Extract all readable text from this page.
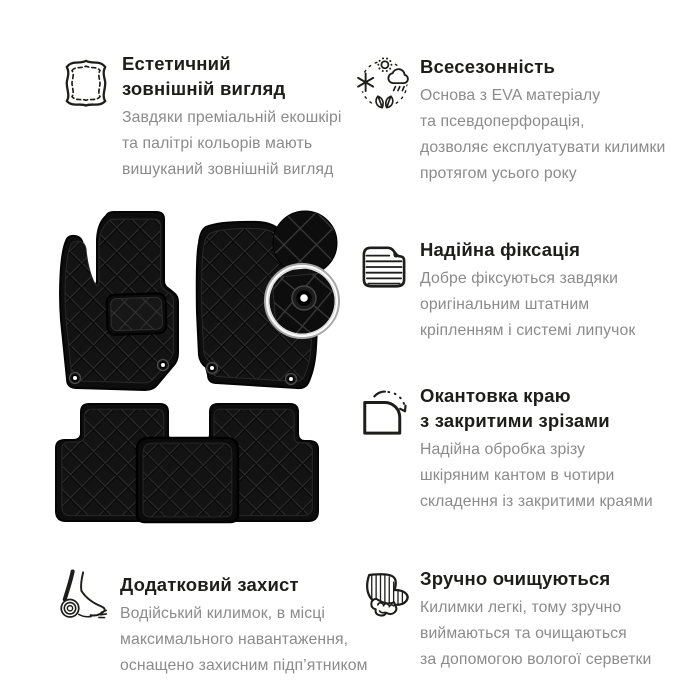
Естетичний
зовнішній вигляд
Завдяки преміальній екошкірі
та палітрі кольорів мають
вишуканий зовнішній вигляд
Всесезонність
Основа з EVA матеріалу
та псевдоперфорація,
дозволяє експлуатувати килимки
протягом усього року
Надійна фіксація
Добре фіксуються завдяки
оригінальним штатним
кріпленням і системі липучок
Окантовка краю
з закритими зрізами
Надійна обробка зрізу
шкіряним кантом в чотири
складення із закритими краями
Додатковий захист
Водійський килимок, в місці
максимального навантаження,
оснащено захисним підп’ятником
Зручно очищуються
Килимки легкі, тому зручно
виймаються та очищаються
за допомогою вологої серветки
